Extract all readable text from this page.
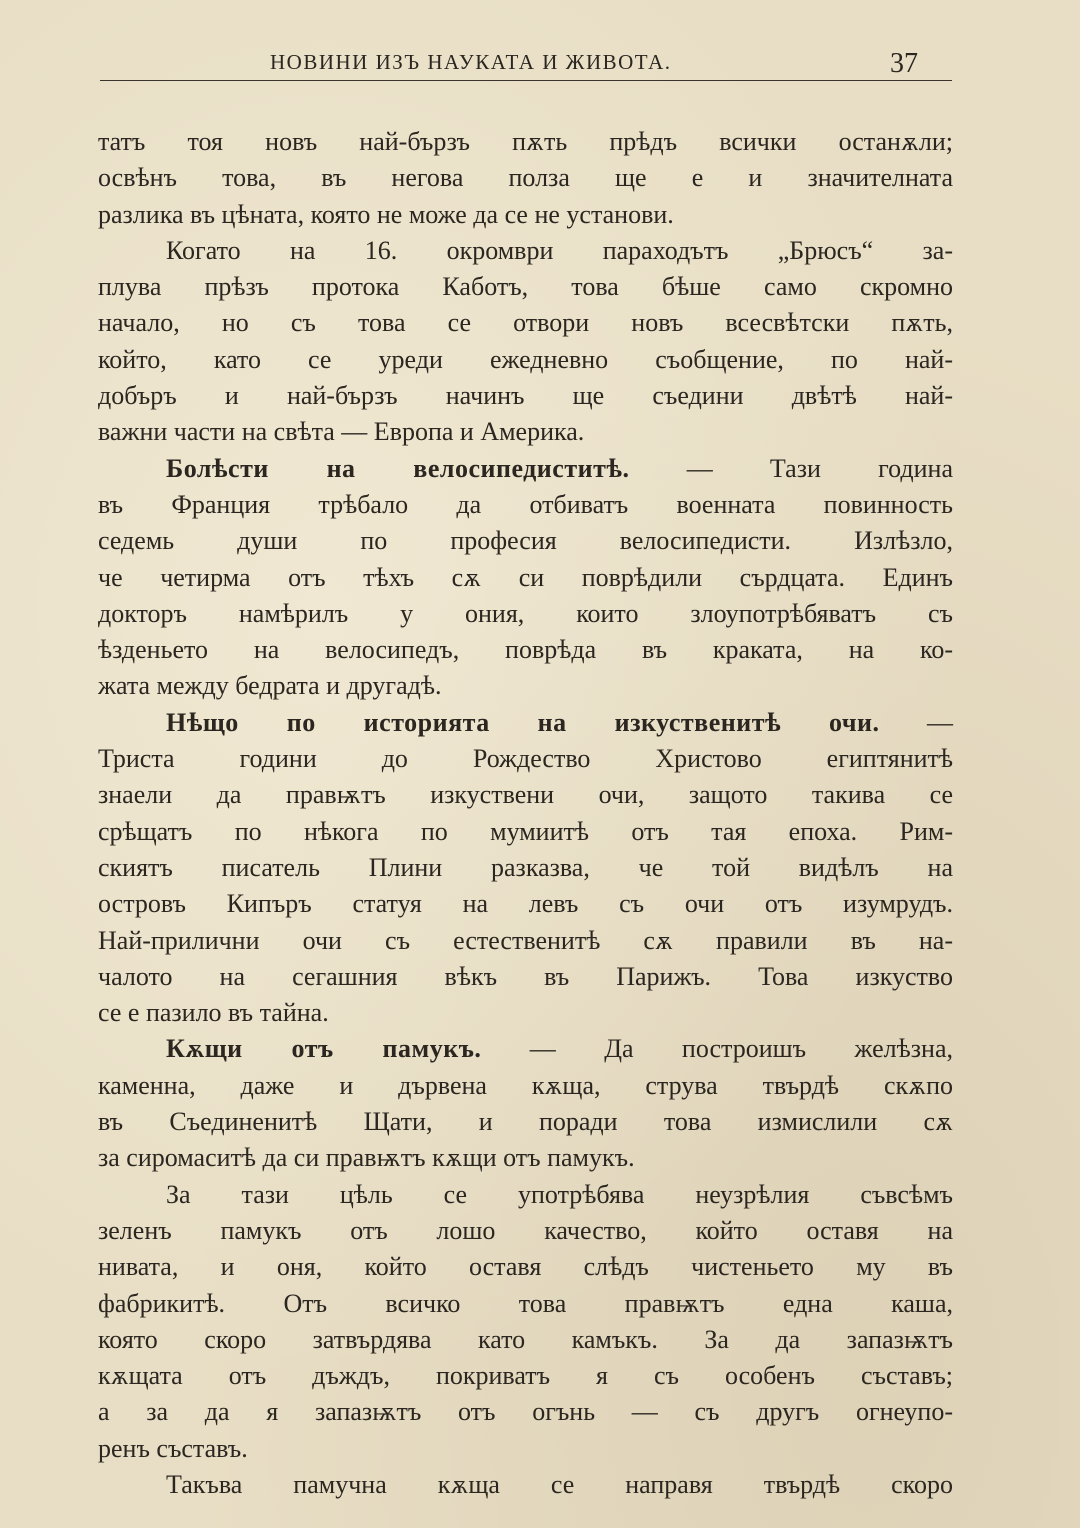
НОВИНИ ИЗЪ НАУКАТА И ЖИВОТА.	37
татъ тоя новъ най-бързъ пѫть прѣдъ всички останѫли;
освѣнъ това, въ негова полза ще е и значителната
разлика въ цѣната, която не може да се не установи.
Когато на 16. окромври параходътъ „Брюсъ“ за-
плува прѣзъ протока Каботъ, това бѣше само скромно
начало, но съ това се отвори новъ всесвѣтски пѫть,
който, като се уреди ежедневно съобщение, по най-
добъръ и най-бързъ начинъ ще съедини двѣтѣ най-
важни части на свѣта — Европа и Америка.
Болѣсти на велосипедиститѣ. — Тази година
въ Франция трѣбало да отбиватъ военната повинность
седемь души по професия велосипедисти. Излѣзло,
че четирма отъ тѣхъ сѫ си поврѣдили сърдцата. Единъ
докторъ намѣрилъ у ония, които злоупотрѣбяватъ съ
ѣзденьето на велосипедъ, поврѣда въ краката, на ко-
жата между бедрата и другадѣ.
Нѣщо по историята на изкуственитѣ очи. —
Триста години до Рождество Христово египтянитѣ
знаели да правѭтъ изкуствени очи, защото такива се
срѣщатъ по нѣкога по мумиитѣ отъ тая епоха. Рим-
скиятъ писатель Плини разказва, че той видѣлъ на
островъ Кипъръ статуя на левъ съ очи отъ изумрудъ.
Най-прилични очи съ естественитѣ сѫ правили въ на-
чалото на сегашния вѣкъ въ Парижъ. Това изкуство
се е пазило въ тайна.
Кѫщи отъ памукъ. — Да построишъ желѣзна,
каменна, даже и дървена кѫща, струва твърдѣ скѫпо
въ Съединенитѣ Щати, и поради това измислили сѫ
за сиромаситѣ да си правѭтъ кѫщи отъ памукъ.
За тази цѣль се употрѣбява неузрѣлия съвсѣмъ
зеленъ памукъ отъ лошо качество, който оставя на
нивата, и оня, който оставя слѣдъ чистеньето му въ
фабрикитѣ. Отъ всичко това правѭтъ една каша,
която скоро затвърдява като камъкъ. За да запазѭтъ
кѫщата отъ дъждъ, покриватъ я съ особенъ съставъ;
а за да я запазѭтъ отъ огънь — съ другъ огнеупо-
ренъ съставъ.
Такъва памучна кѫща се направя твърдѣ скоро
